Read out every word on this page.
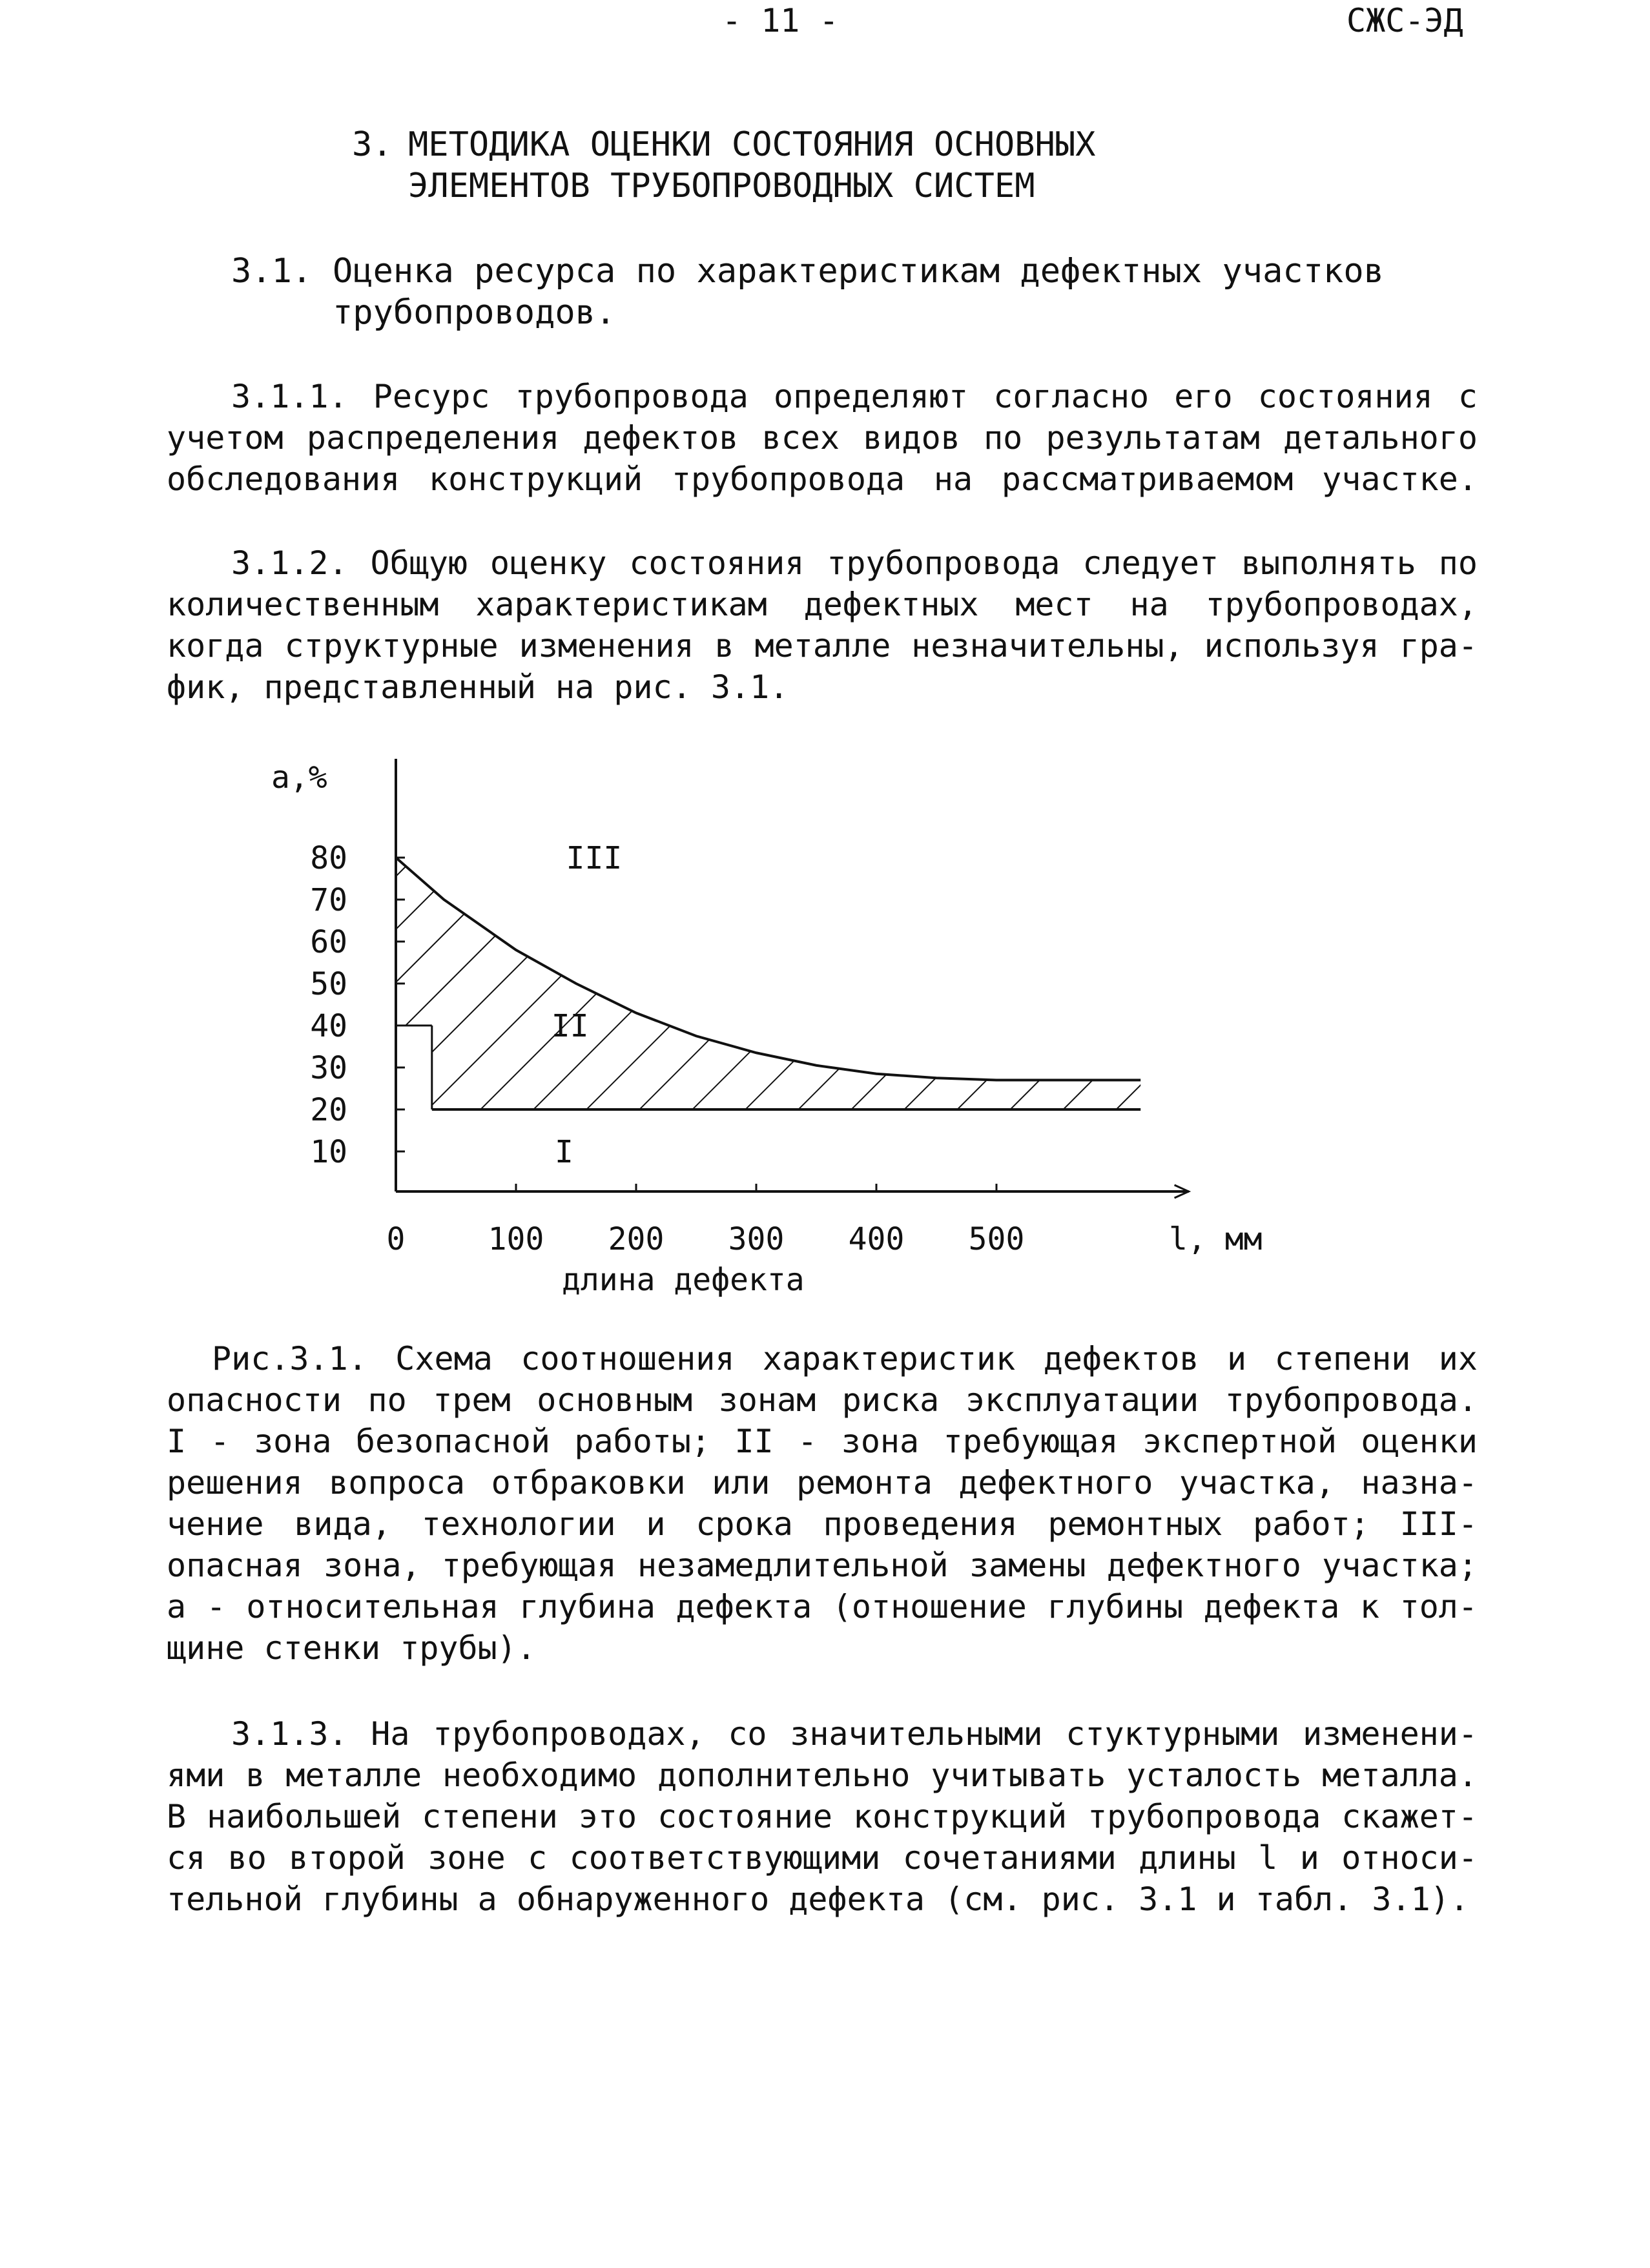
- 11 -	СЖС-ЭД
3. МЕТОДИКА ОЦЕНКИ СОСТОЯНИЯ ОСНОВНЫХ
ЭЛЕМЕНТОВ ТРУБОПРОВОДНЫХ СИСТЕМ
3.1. Оценка ресурса по характеристикам дефектных участков
трубопроводов.
3.1.1. Ресурс трубопровода определяют согласно его состояния с
учетом распределения дефектов всех видов по результатам детального
обследования конструкций трубопровода на рассматриваемом участке.
3.1.2. Общую оценку состояния трубопровода следует выполнять по
количественным характеристикам дефектных мест на трубопроводах,
когда структурные изменения в металле незначительны, используя гра-
фик, представленный на рис. 3.1.
а,%
80
70
60
50
40
30
20
10
0	100 200 300 400 500
I
II
III
l, мм
длина дефекта
Рис.3.1. Схема соотношения характеристик дефектов и степени их
опасности по трем основным зонам риска эксплуатации трубопровода.
I - зона безопасной работы; II - зона требующая экспертной оценки
решения вопроса отбраковки или ремонта дефектного участка, назна-
чение вида, технологии и срока проведения ремонтных работ; III-
опасная зона, требующая незамедлительной замены дефектного участка;
а - относительная глубина дефекта (отношение глубины дефекта к тол-
щине стенки трубы).
3.1.3. На трубопроводах, со значительными стуктурными изменени-
ями в металле необходимо дополнительно учитывать усталость металла.
В наибольшей степени это состояние конструкций трубопровода скажет-
ся во второй зоне с соответствующими сочетаниями длины l и относи-
тельной глубины а обнаруженного дефекта (см. рис. 3.1 и табл. 3.1).
